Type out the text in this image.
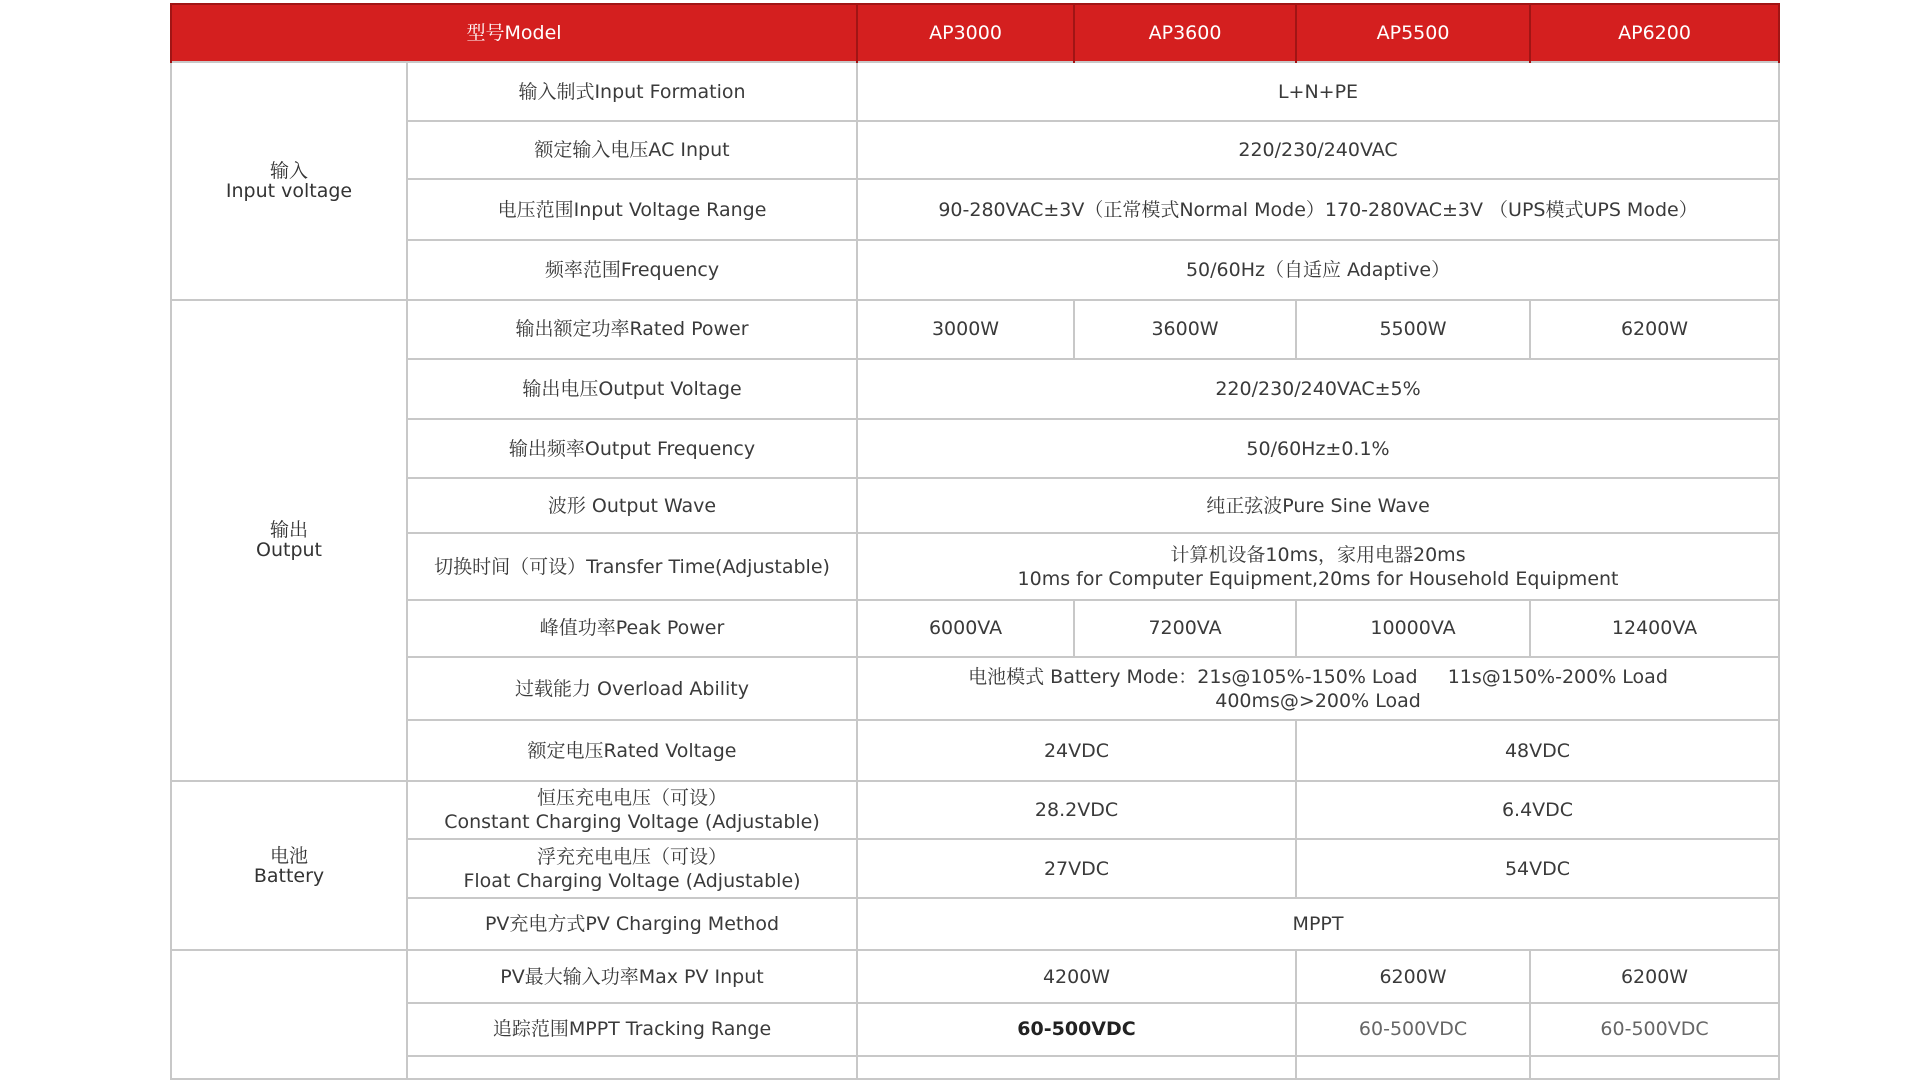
型号Model		AP3000	AP3600	AP5500	AP6200

输入
Input voltage	输入制式Input Formation	L+N+PE			
	额定输入电压AC Input	220/230/240VAC			
	电压范围Input Voltage Range	90-280VAC±3V（正常模式Normal Mode）170-280VAC±3V （UPS模式UPS Mode）			
	频率范围Frequency	50/60Hz（自适应 Adaptive）			

输出
Output	输出额定功率Rated Power	3000W	3600W	5500W	6200W
	输出电压Output Voltage	220/230/240VAC±5%			
	输出频率Output Frequency	50/60Hz±0.1%			
	波形 Output Wave	纯正弦波Pure Sine Wave			
	切换时间（可设）Transfer Time(Adjustable)	计算机设备10ms，家用电器20ms
10ms for Computer Equipment,20ms for Household Equipment			

	峰值功率Peak Power	6000VA	7200VA	10000VA	12400VA
	过载能力 Overload Ability	电池模式 Battery Mode：21s@105%-150% Load     11s@150%-200% Load
400ms@>200% Load			

	额定电压Rated Voltage	24VDC		48VDC	

电池
Battery	恒压充电电压（可设）
Constant Charging Voltage (Adjustable)	28.2VDC		6.4VDC	

	浮充充电电压（可设）
Float Charging Voltage (Adjustable)	27VDC		54VDC	
	PV充电方式PV Charging Method	MPPT			
	PV最大输入功率Max PV Input	4200W		6200W	6200W
	追踪范围MPPT Tracking Range	60-500VDC		60-500VDC	60-500VDC
